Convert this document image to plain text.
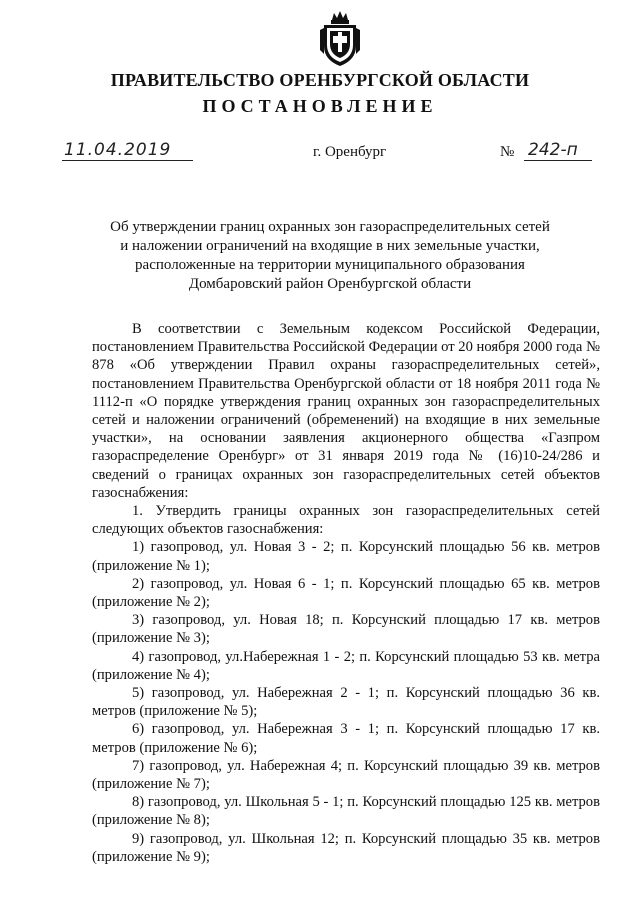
ПРАВИТЕЛЬСТВО ОРЕНБУРГСКОЙ ОБЛАСТИ
ПОСТАНОВЛЕНИЕ
11.04.2019	г. Оренбург	№ 242-п
Об утверждении границ охранных зон газораспределительных сетей
и наложении ограничений на входящие в них земельные участки,
расположенные на территории муниципального образования
Домбаровский район Оренбургской области

В соответствии с Земельным кодексом Российской Федерации, постановлением Правительства Российской Федерации от 20 ноября 2000 года № 878 «Об утверждении Правил охраны газораспределительных сетей», постановлением Правительства Оренбургской области от 18 ноября 2011 года № 1112-п «О порядке утверждения границ охранных зон газораспределительных сетей и наложении ограничений (обременений) на входящие в них земельные участки», на основании заявления акционерного общества «Газпром газораспределение Оренбург» от 31 января 2019 года № (16)10-24/286 и сведений о границах охранных зон газораспределительных сетей объектов газоснабжения:

1. Утвердить границы охранных зон газораспределительных сетей следующих объектов газоснабжения:

1) газопровод, ул. Новая 3 - 2; п. Корсунский площадью 56 кв. метров (приложение № 1);

2) газопровод, ул. Новая 6 - 1; п. Корсунский площадью 65 кв. метров (приложение № 2);

3) газопровод, ул. Новая 18; п. Корсунский площадью 17 кв. метров (приложение № 3);

4) газопровод, ул.Набережная 1 - 2; п. Корсунский площадью 53 кв. метра (приложение № 4);

5) газопровод, ул. Набережная 2 - 1; п. Корсунский площадью 36 кв. метров (приложение № 5);

6) газопровод, ул. Набережная 3 - 1; п. Корсунский площадью 17 кв. метров (приложение № 6);

7) газопровод, ул. Набережная 4; п. Корсунский площадью 39 кв. метров (приложение № 7);

8) газопровод, ул. Школьная 5 - 1; п. Корсунский площадью 125 кв. метров (приложение № 8);

9) газопровод, ул. Школьная 12; п. Корсунский площадью 35 кв. метров (приложение № 9);
